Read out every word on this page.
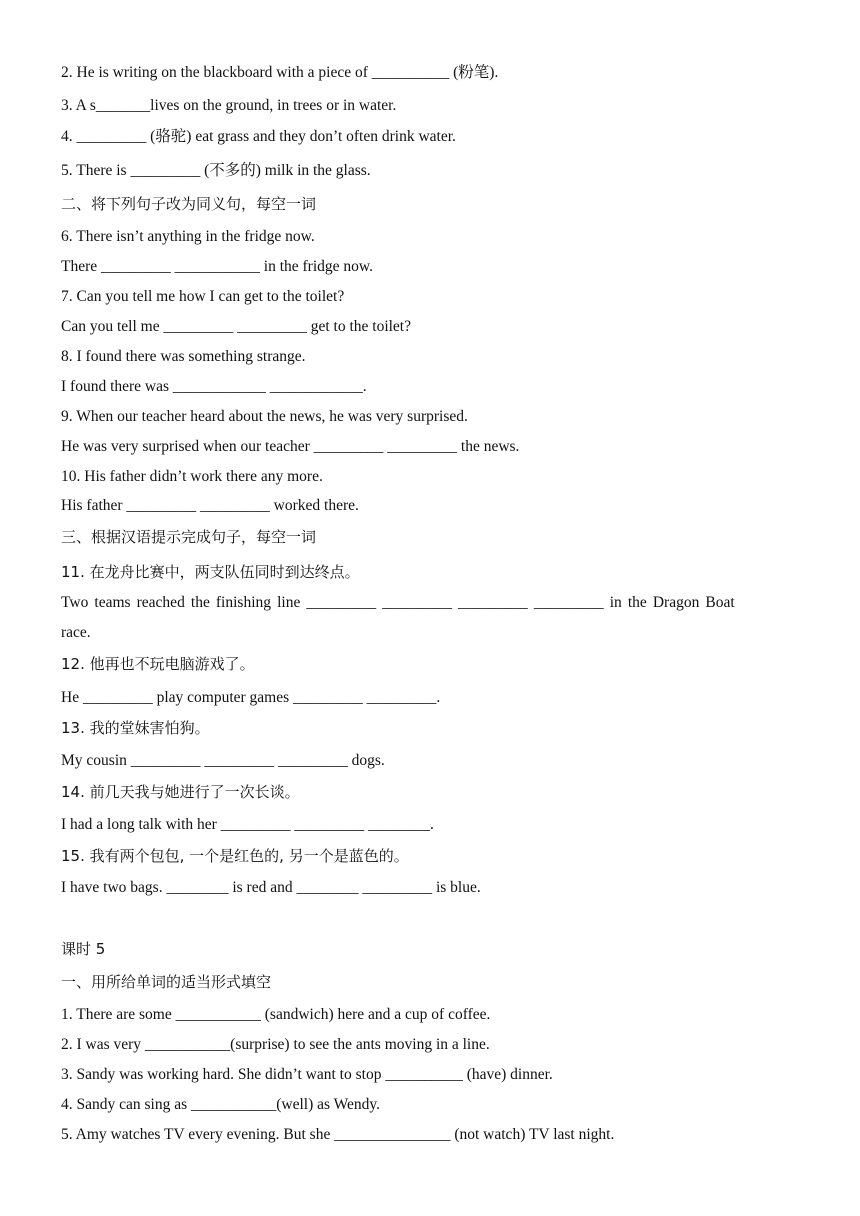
2. He is writing on the blackboard with a piece of __________ (粉笔).
3. A s_______lives on the ground, in trees or in water.
4. _________ (骆驼) eat grass and they don’t often drink water.
5. There is _________ (不多的) milk in the glass.
二、将下列句子改为同义句，每空一词
6. There isn’t anything in the fridge now.
There _________ ___________ in the fridge now.
7. Can you tell me how I can get to the toilet?
Can you tell me _________ _________ get to the toilet?
8. I found there was something strange.
I found there was ____________ ____________.
9. When our teacher heard about the news, he was very surprised.
He was very surprised when our teacher _________ _________ the news.
10. His father didn’t work there any more.
His father _________ _________ worked there.
三、根据汉语提示完成句子，每空一词
11. 在龙舟比赛中，两支队伍同时到达终点。
Two teams reached the finishing line _________ _________ _________ _________ in the Dragon Boat
race.
12. 他再也不玩电脑游戏了。
He _________ play computer games _________ _________.
13. 我的堂妹害怕狗。
My cousin _________ _________ _________ dogs.
14. 前几天我与她进行了一次长谈。
I had a long talk with her _________ _________ ________.
15. 我有两个包包, 一个是红色的, 另一个是蓝色的。
I have two bags. ________ is red and ________ _________ is blue.
课时 5
一、用所给单词的适当形式填空
1. There are some ___________ (sandwich) here and a cup of coffee.
2. I was very ___________(surprise) to see the ants moving in a line.
3. Sandy was working hard. She didn’t want to stop __________ (have) dinner.
4. Sandy can sing as ___________(well) as Wendy.
5. Amy watches TV every evening. But she _______________ (not watch) TV last night.
